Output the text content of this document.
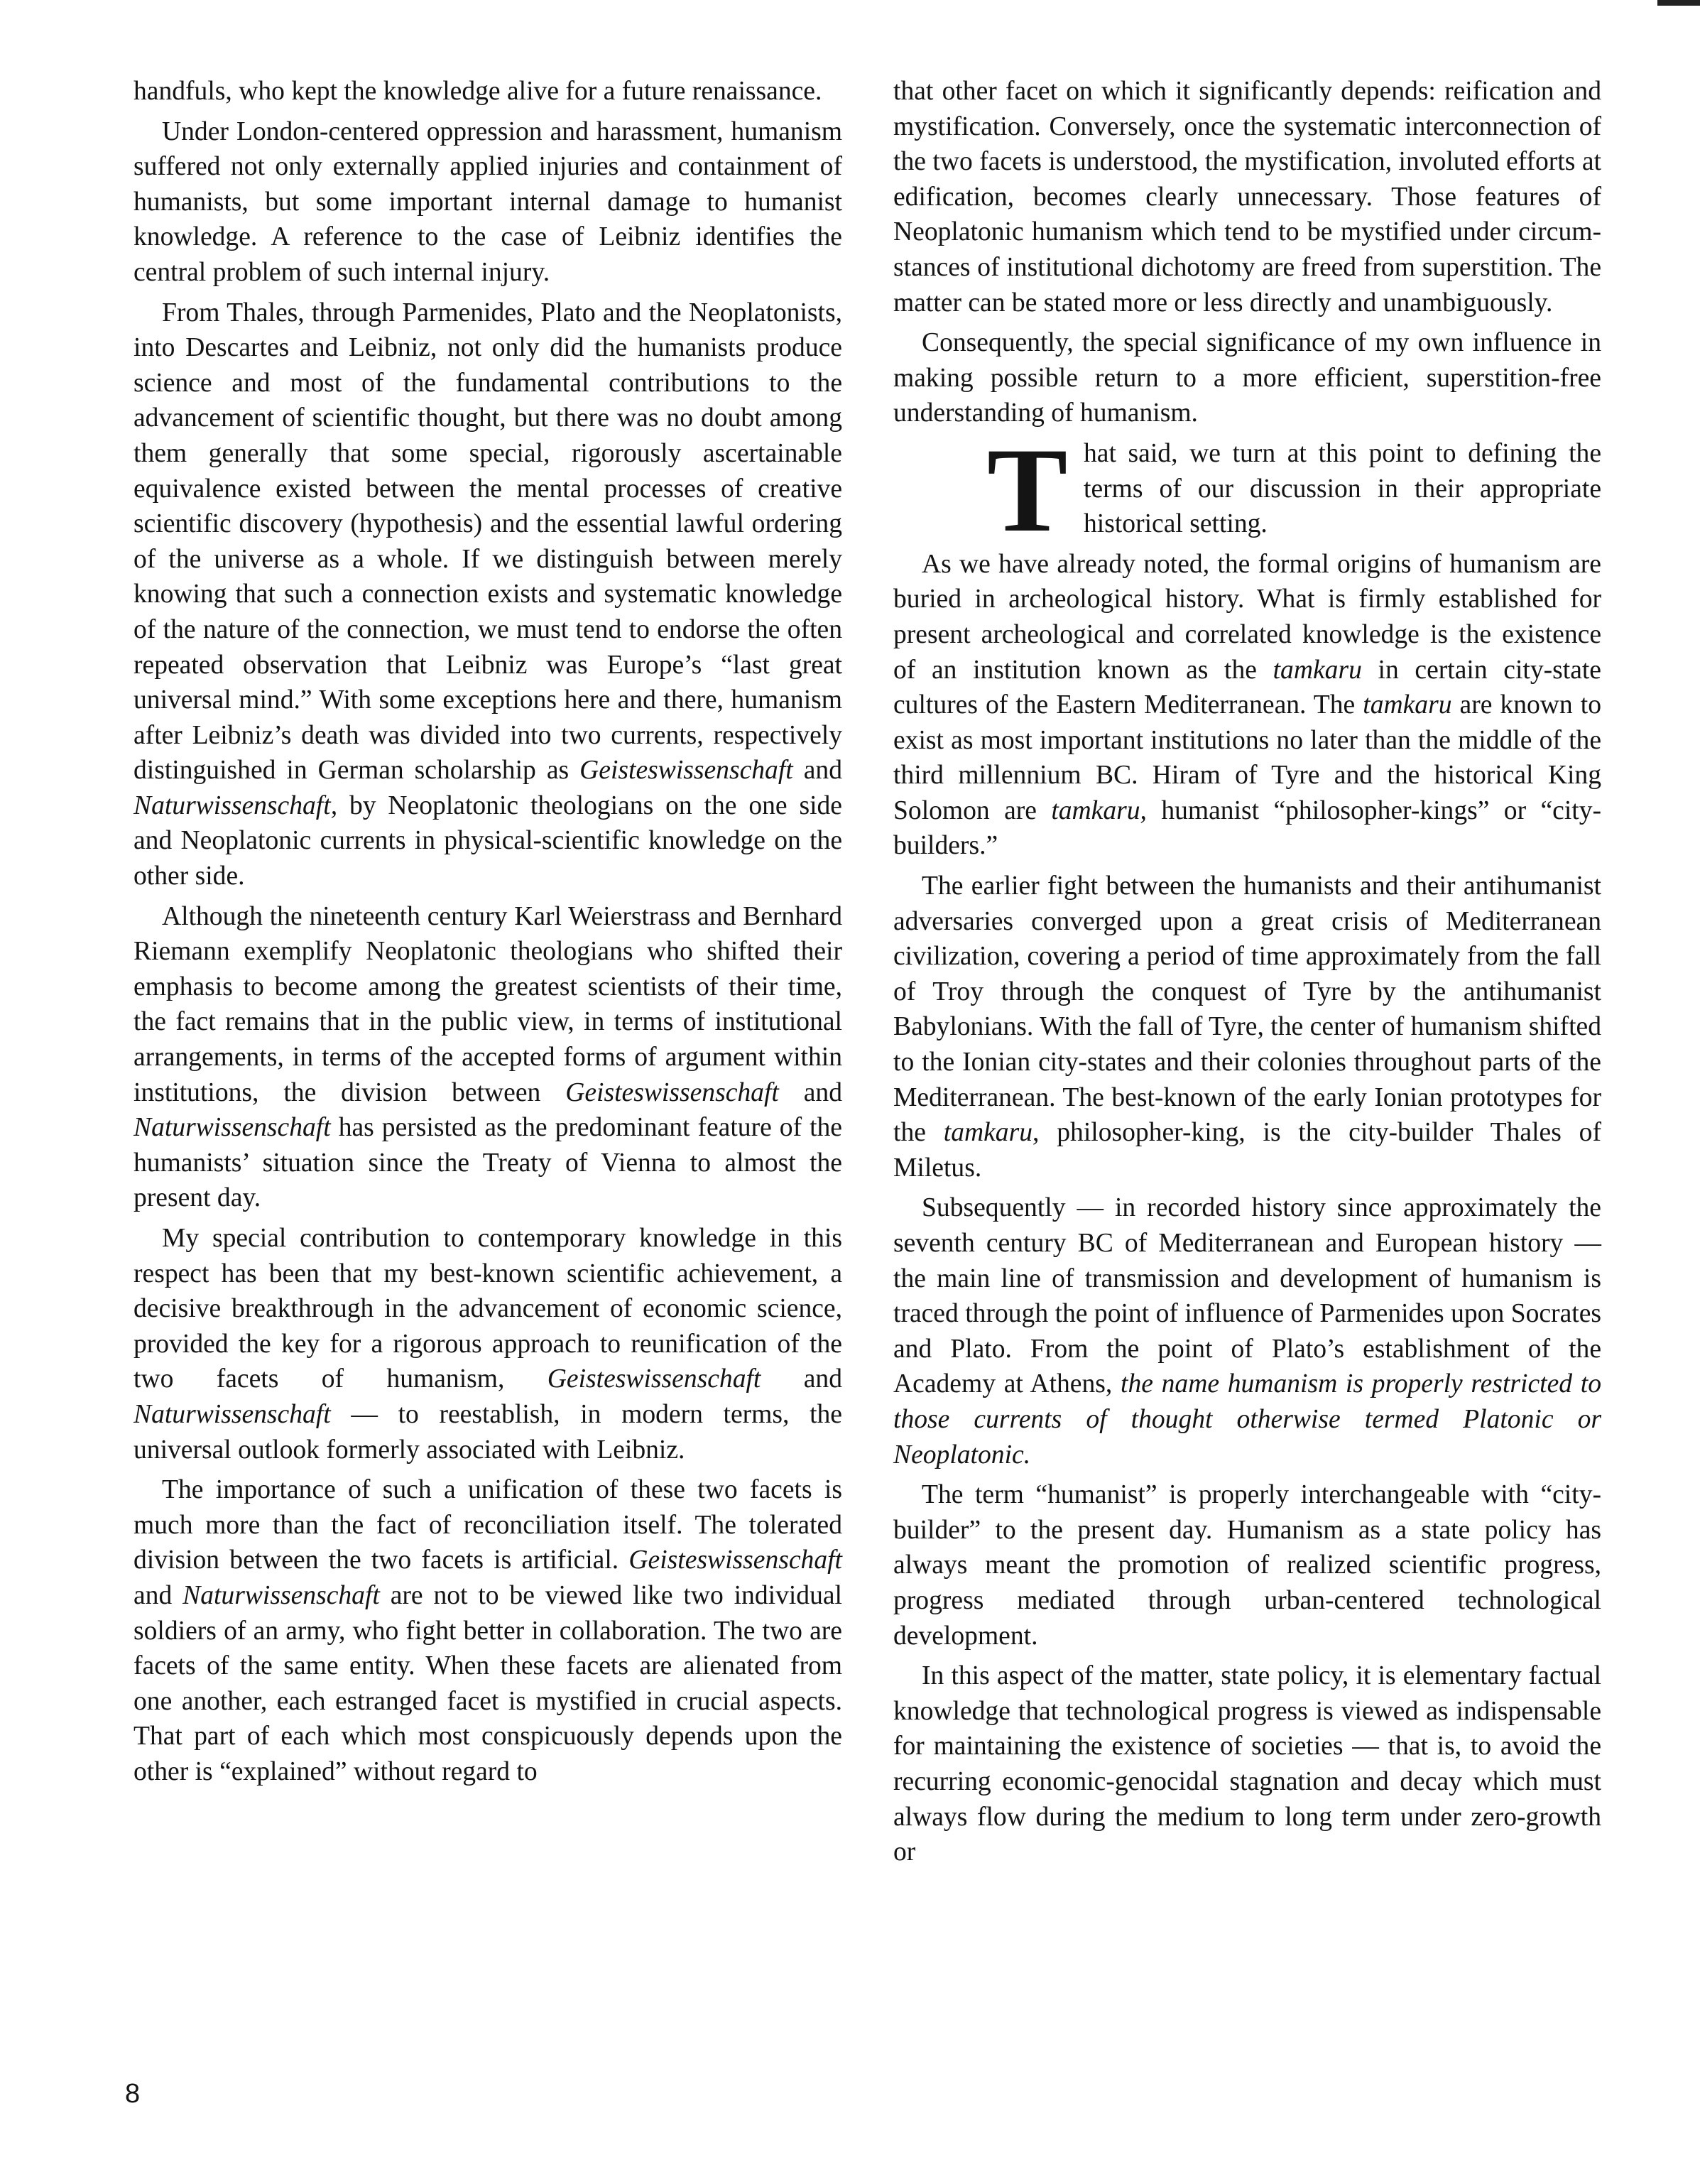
handfuls, who kept the knowledge alive for a future renaissance.

Under London-centered oppression and harassment, humanism suffered not only externally applied injuries and containment of humanists, but some important internal damage to humanist knowledge. A reference to the case of Leibniz identifies the central problem of such internal injury.

From Thales, through Parmenides, Plato and the Neoplatonists, into Descartes and Leibniz, not only did the humanists produce science and most of the fundamental contributions to the advancement of scientific thought, but there was no doubt among them generally that some special, rigorously ascertainable equivalence existed between the mental processes of creative scientific discovery (hypothesis) and the essential lawful ordering of the universe as a whole. If we distinguish between merely knowing that such a connection exists and systematic knowledge of the nature of the connection, we must tend to endorse the often repeated observation that Leibniz was Europe’s “last great universal mind.” With some exceptions here and there, humanism after Leibniz’s death was divided into two currents, respectively distinguished in German scholarship as Geisteswissenschaft and Naturwissenschaft, by Neoplatonic theologians on the one side and Neoplatonic currents in physical-scientific knowledge on the other side.

Although the nineteenth century Karl Weierstrass and Bernhard Riemann exemplify Neoplatonic theologians who shifted their emphasis to become among the greatest scientists of their time, the fact remains that in the public view, in terms of institutional arrangements, in terms of the accepted forms of argument within institutions, the division between Geisteswissenschaft and Naturwissenschaft has persisted as the predominant feature of the humanists’ situation since the Treaty of Vienna to almost the present day.

My special contribution to contemporary knowledge in this respect has been that my best-known scientific achievement, a decisive breakthrough in the advancement of economic science, provided the key for a rigorous approach to reunification of the two facets of humanism, Geisteswissenschaft and Naturwissenschaft — to reestablish, in modern terms, the universal outlook formerly associated with Leibniz.

The importance of such a unification of these two facets is much more than the fact of reconciliation itself. The tolerated division between the two facets is artificial. Geisteswissenschaft and Naturwissenschaft are not to be viewed like two individual soldiers of an army, who fight better in collaboration. The two are facets of the same entity. When these facets are alienated from one another, each estranged facet is mystified in crucial aspects. That part of each which most conspicuously depends upon the other is “explained” without regard to

that other facet on which it significantly depends: reification and mystification. Conversely, once the systematic interconnection of the two facets is understood, the mystification, involuted efforts at edification, becomes clearly unnecessary. Those features of Neoplatonic humanism which tend to be mystified under circumstances of institutional dichotomy are freed from superstition. The matter can be stated more or less directly and unambiguously.

Consequently, the special significance of my own influence in making possible return to a more efficient, superstition-free understanding of humanism.

That said, we turn at this point to defining the terms of our discussion in their appropriate historical setting.

As we have already noted, the formal origins of humanism are buried in archeological history. What is firmly established for present archeological and correlated knowledge is the existence of an institution known as the tamkaru in certain city-state cultures of the Eastern Mediterranean. The tamkaru are known to exist as most important institutions no later than the middle of the third millennium BC. Hiram of Tyre and the historical King Solomon are tamkaru, humanist “philosopher-kings” or “city-builders.”

The earlier fight between the humanists and their antihumanist adversaries converged upon a great crisis of Mediterranean civilization, covering a period of time approximately from the fall of Troy through the conquest of Tyre by the antihumanist Babylonians. With the fall of Tyre, the center of humanism shifted to the Ionian city-states and their colonies throughout parts of the Mediterranean. The best-known of the early Ionian prototypes for the tamkaru, philosopher-king, is the city-builder Thales of Miletus.

Subsequently — in recorded history since approximately the seventh century BC of Mediterranean and European history — the main line of transmission and development of humanism is traced through the point of influence of Parmenides upon Socrates and Plato. From the point of Plato’s establishment of the Academy at Athens, the name humanism is properly restricted to those currents of thought otherwise termed Platonic or Neoplatonic.

The term “humanist” is properly interchangeable with “city-builder” to the present day. Humanism as a state policy has always meant the promotion of realized scientific progress, progress mediated through urban-centered technological development.

In this aspect of the matter, state policy, it is elementary factual knowledge that technological progress is viewed as indispensable for maintaining the existence of societies — that is, to avoid the recurring economic-genocidal stagnation and decay which must always flow during the medium to long term under zero-growth or

8
